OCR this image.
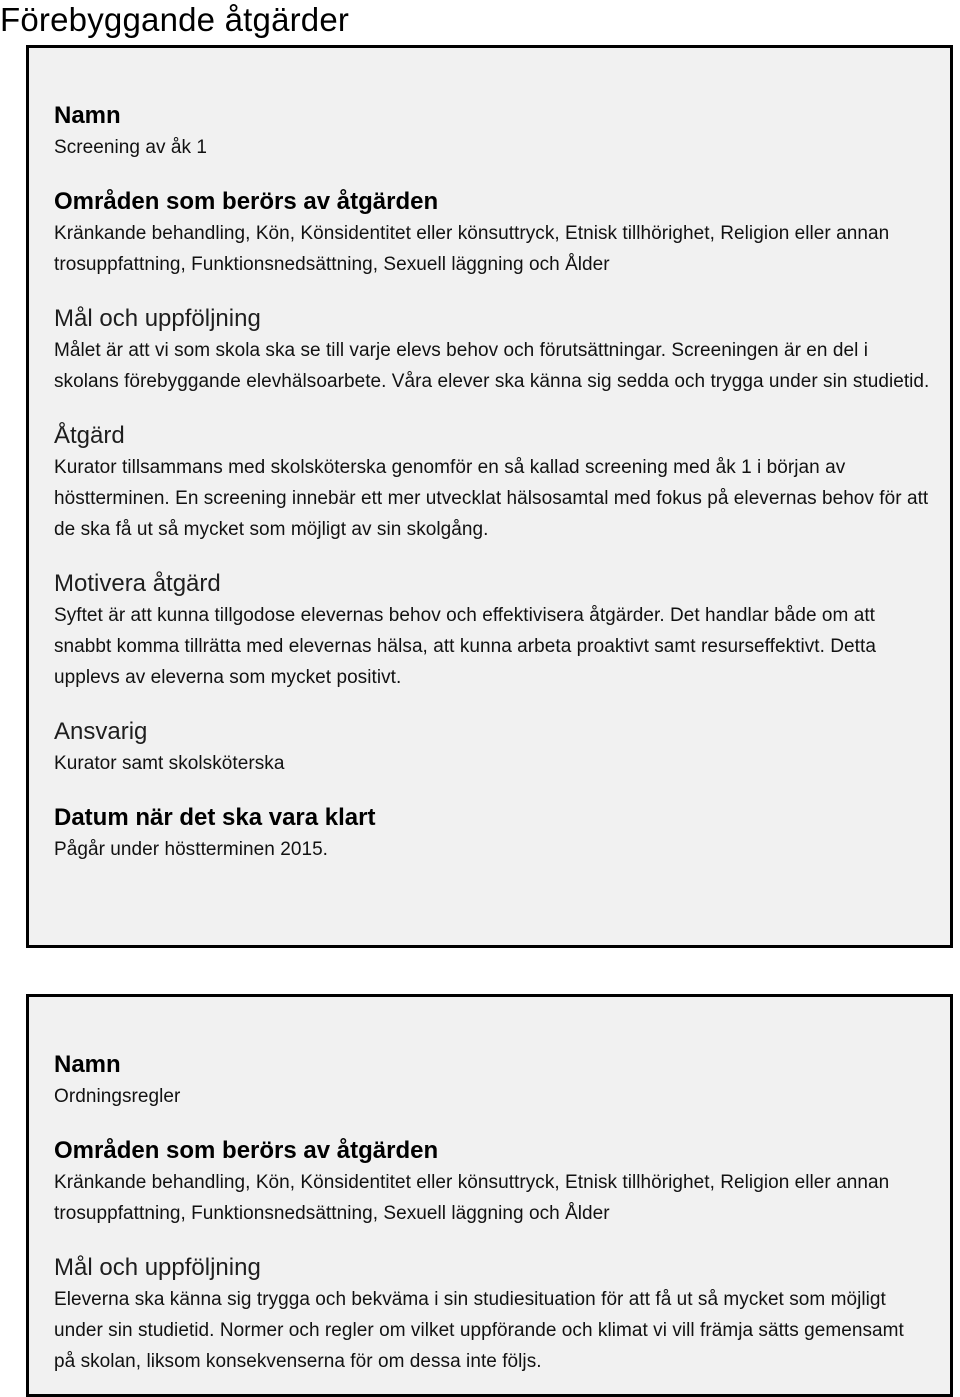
Förebyggande åtgärder
Namn

Screening av åk 1

Områden som berörs av åtgärden

Kränkande behandling, Kön, Könsidentitet eller könsuttryck, Etnisk tillhörighet, Religion eller annan trosuppfattning, Funktionsnedsättning, Sexuell läggning och Ålder

Mål och uppföljning

Målet är att vi som skola ska se till varje elevs behov och förutsättningar. Screeningen är en del i skolans förebyggande elevhälsoarbete. Våra elever ska känna sig sedda och trygga under sin studietid.

Åtgärd

Kurator tillsammans med skolsköterska genomför en så kallad screening med åk 1 i början av höstterminen. En screening innebär ett mer utvecklat hälsosamtal med fokus på elevernas behov för att de ska få ut så mycket som möjligt av sin skolgång.

Motivera åtgärd

Syftet är att kunna tillgodose elevernas behov och effektivisera åtgärder. Det handlar både om att snabbt komma tillrätta med elevernas hälsa, att kunna arbeta proaktivt samt resurseffektivt. Detta upplevs av eleverna som mycket positivt.

Ansvarig

Kurator samt skolsköterska

Datum när det ska vara klart

Pågår under höstterminen 2015.

Namn

Ordningsregler

Områden som berörs av åtgärden

Kränkande behandling, Kön, Könsidentitet eller könsuttryck, Etnisk tillhörighet, Religion eller annan trosuppfattning, Funktionsnedsättning, Sexuell läggning och Ålder

Mål och uppföljning

Eleverna ska känna sig trygga och bekväma i sin studiesituation för att få ut så mycket som möjligt under sin studietid. Normer och regler om vilket uppförande och klimat vi vill främja sätts gemensamt på skolan, liksom konsekvenserna för om dessa inte följs.
